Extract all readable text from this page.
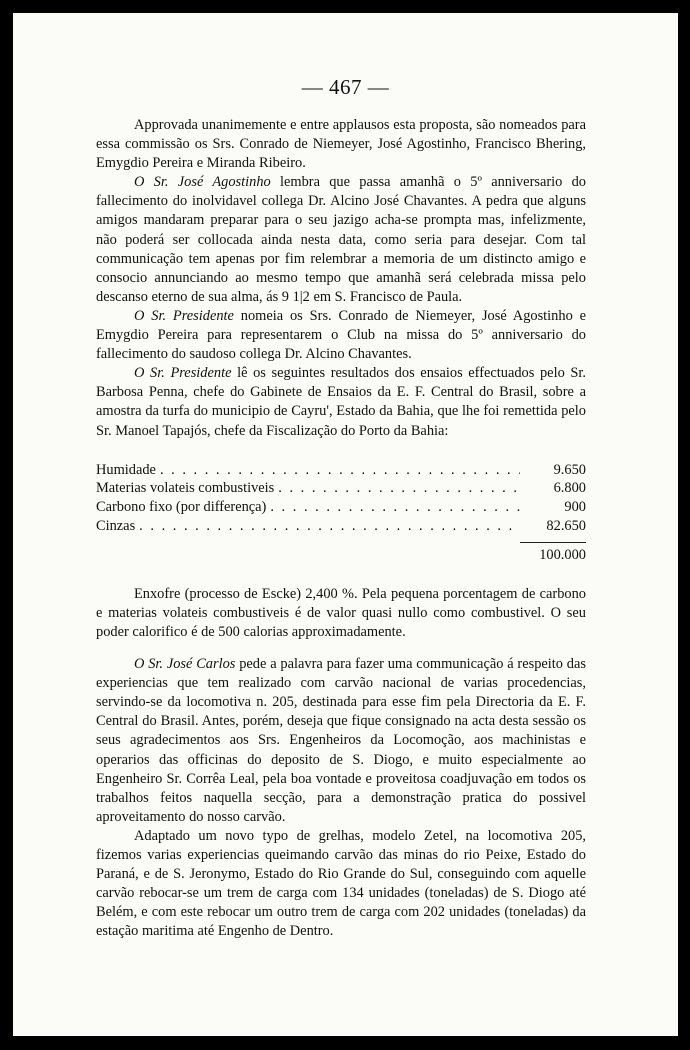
— 467 —

Approvada unanimemente e entre applausos esta proposta, são nomeados para essa commissão os Srs. Conrado de Niemeyer, José Agostinho, Francisco Bhering, Emygdio Pereira e Miranda Ribeiro.

O Sr. José Agostinho lembra que passa amanhã o 5º anniversario do fallecimento do inolvidavel collega Dr. Alcino José Chavantes. A pedra que alguns amigos mandaram preparar para o seu jazigo acha-se prompta mas, infelizmente, não poderá ser collocada ainda nesta data, como seria para desejar. Com tal communicação tem apenas por fim relembrar a memoria de um distincto amigo e consocio annunciando ao mesmo tempo que amanhã será celebrada missa pelo descanso eterno de sua alma, ás 9 1|2 em S. Francisco de Paula.

O Sr. Presidente nomeia os Srs. Conrado de Niemeyer, José Agostinho e Emygdio Pereira para representarem o Club na missa do 5º anniversario do fallecimento do saudoso collega Dr. Alcino Chavantes.

O Sr. Presidente lê os seguintes resultados dos ensaios effectuados pelo Sr. Barbosa Penna, chefe do Gabinete de Ensaios da E. F. Central do Brasil, sobre a amostra da turfa do municipio de Cayru', Estado da Bahia, que lhe foi remettida pelo Sr. Manoel Tapajós, chefe da Fiscalização do Porto da Bahia:

Humidade . . .	9.650
Materias volateis combustiveis . . .	6.800
Carbono fixo (por differença) . . .	900
Cinzas . . .	82.650
100.000

Enxofre (processo de Escke) 2,400 %. Pela pequena porcentagem de carbono e materias volateis combustiveis é de valor quasi nullo como combustivel. O seu poder calorifico é de 500 calorias approximadamente.

O Sr. José Carlos pede a palavra para fazer uma communicação á respeito das experiencias que tem realizado com carvão nacional de varias procedencias, servindo-se da locomotiva n. 205, destinada para esse fim pela Directoria da E. F. Central do Brasil. Antes, porém, deseja que fique consignado na acta desta sessão os seus agradecimentos aos Srs. Engenheiros da Locomoção, aos machinistas e operarios das officinas do deposito de S. Diogo, e muito especialmente ao Engenheiro Sr. Corrêa Leal, pela boa vontade e proveitosa coadjuvação em todos os trabalhos feitos naquella secção, para a demonstração pratica do possivel aproveitamento do nosso carvão.

Adaptado um novo typo de grelhas, modelo Zetel, na locomotiva 205, fizemos varias experiencias queimando carvão das minas do rio Peixe, Estado do Paraná, e de S. Jeronymo, Estado do Rio Grande do Sul, conseguindo com aquelle carvão rebocar-se um trem de carga com 134 unidades (toneladas) de S. Diogo até Belém, e com este rebocar um outro trem de carga com 202 unidades (toneladas) da estação maritima até Engenho de Dentro.
